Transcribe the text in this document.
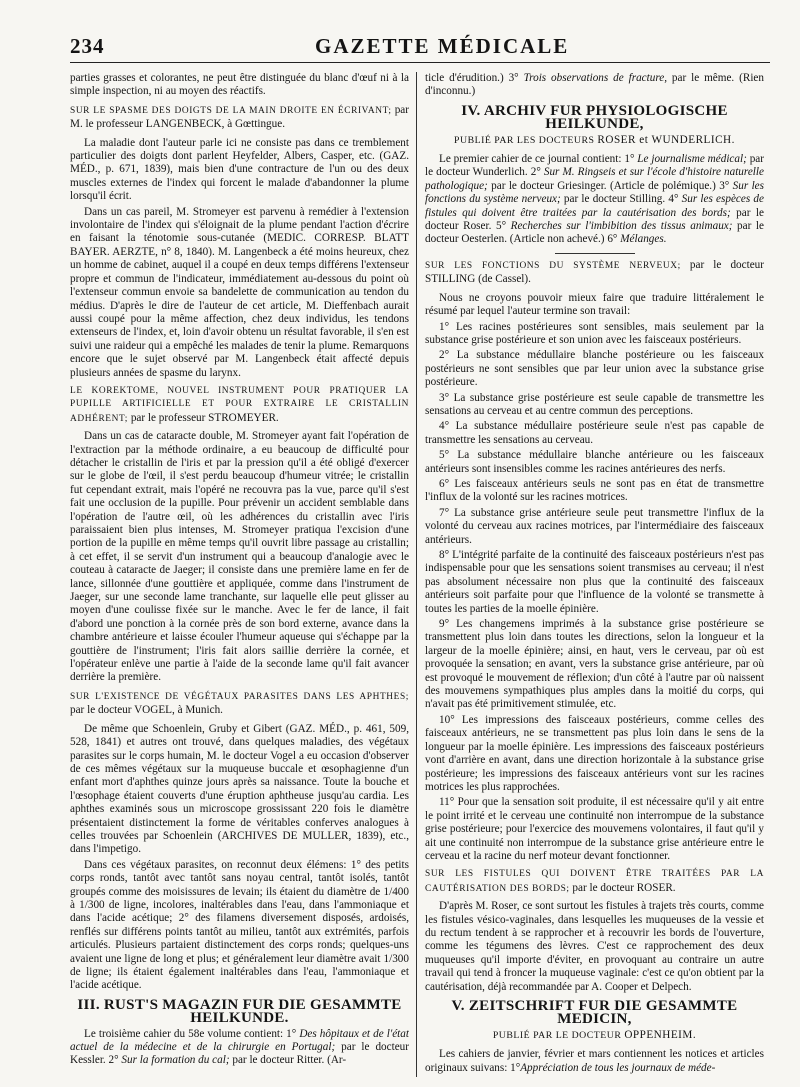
234	GAZETTE MÉDICALE

parties grasses et colorantes, ne peut être distinguée du blanc d'œuf ni à la simple inspection, ni au moyen des réactifs.

SUR LE SPASME DES DOIGTS DE LA MAIN DROITE EN ÉCRIVANT; par M. le professeur LANGENBECK, à Gœttingue.

La maladie dont l'auteur parle ici ne consiste pas dans ce tremblement particulier des doigts dont parlent Heyfelder, Albers, Casper, etc. (GAZ. MÉD., p. 671, 1839), mais bien d'une contracture de l'un ou des deux muscles externes de l'index qui forcent le malade d'abandonner la plume lorsqu'il écrit.

Dans un cas pareil, M. Stromeyer est parvenu à remédier à l'extension involontaire de l'index qui s'éloignait de la plume pendant l'action d'écrire en faisant la ténotomie sous-cutanée (MEDIC. CORRESP. BLATT BAYER. AERZTE, n° 8, 1840). M. Langenbeck a été moins heureux, chez un homme de cabinet, auquel il a coupé en deux temps différens l'extenseur propre et commun de l'indicateur, immédiatement au-dessous du point où l'extenseur commun envoie sa bandelette de communication au tendon du médius. D'après le dire de l'auteur de cet article, M. Dieffenbach aurait aussi coupé pour la même affection, chez deux individus, les tendons extenseurs de l'index, et, loin d'avoir obtenu un résultat favorable, il s'en est suivi une raideur qui a empêché les malades de tenir la plume. Remarquons encore que le sujet observé par M. Langenbeck était affecté depuis plusieurs années de spasme du larynx.

LE KOREKTOME, NOUVEL INSTRUMENT POUR PRATIQUER LA PUPILLE ARTIFICIELLE ET POUR EXTRAIRE LE CRISTALLIN ADHÉRENT; par le professeur STROMEYER.

Dans un cas de cataracte double, M. Stromeyer ayant fait l'opération de l'extraction par la méthode ordinaire, a eu beaucoup de difficulté pour détacher le cristallin de l'iris et par la pression qu'il a été obligé d'exercer sur le globe de l'œil, il s'est perdu beaucoup d'humeur vitrée; le cristallin fut cependant extrait, mais l'opéré ne recouvra pas la vue, parce qu'il s'est fait une occlusion de la pupille. Pour prévenir un accident semblable dans l'opération de l'autre œil, où les adhérences du cristallin avec l'iris paraissaient bien plus intenses, M. Stromeyer pratiqua l'excision d'une portion de la pupille en même temps qu'il ouvrit libre passage au cristallin; à cet effet, il se servit d'un instrument qui a beaucoup d'analogie avec le couteau à cataracte de Jaeger; il consiste dans une première lame en fer de lance, sillonnée d'une gouttière et appliquée, comme dans l'instrument de Jaeger, sur une seconde lame tranchante, sur laquelle elle peut glisser au moyen d'une coulisse fixée sur le manche. Avec le fer de lance, il fait d'abord une ponction à la cornée près de son bord externe, avance dans la chambre antérieure et laisse écouler l'humeur aqueuse qui s'échappe par la gouttière de l'instrument; l'iris fait alors saillie derrière la cornée, et l'opérateur enlève une partie à l'aide de la seconde lame qu'il fait avancer derrière la première.

SUR L'EXISTENCE DE VÉGÉTAUX PARASITES DANS LES APHTHES; par le docteur VOGEL, à Munich.

De même que Schoenlein, Gruby et Gibert (GAZ. MÉD., p. 461, 509, 528, 1841) et autres ont trouvé, dans quelques maladies, des végétaux parasites sur le corps humain, M. le docteur Vogel a eu occasion d'observer de ces mêmes végétaux sur la muqueuse buccale et œsophagienne d'un enfant mort d'aphthes quinze jours après sa naissance. Toute la bouche et l'œsophage étaient couverts d'une éruption aphtheuse jusqu'au cardia. Les aphthes examinés sous un microscope grossissant 220 fois le diamètre présentaient distinctement la forme de véritables conferves analogues à celles trouvées par Schoenlein (ARCHIVES DE MULLER, 1839), etc., dans l'impetigo.

Dans ces végétaux parasites, on reconnut deux élémens: 1° des petits corps ronds, tantôt avec tantôt sans noyau central, tantôt isolés, tantôt groupés comme des moisissures de levain; ils étaient du diamètre de 1/400 à 1/300 de ligne, incolores, inaltérables dans l'eau, dans l'ammoniaque et dans l'acide acétique; 2° des filamens diversement disposés, ardoisés, renflés sur différens points tantôt au milieu, tantôt aux extrémités, parfois articulés. Plusieurs partaient distinctement des corps ronds; quelques-uns avaient une ligne de long et plus; et généralement leur diamètre avait 1/300 de ligne; ils étaient également inaltérables dans l'eau, l'ammoniaque et l'acide acétique.

III. RUST'S MAGAZIN FUR DIE GESAMMTE HEILKUNDE.

Le troisième cahier du 58e volume contient: 1° Des hôpitaux et de l'état actuel de la médecine et de la chirurgie en Portugal; par le docteur Kessler. 2° Sur la formation du cal; par le docteur Ritter. (Ar-

ticle d'érudition.) 3° Trois observations de fracture, par le même. (Rien d'inconnu.)

IV. ARCHIV FUR PHYSIOLOGISCHE HEILKUNDE,
PUBLIÉ PAR LES DOCTEURS ROSER et WUNDERLICH.

Le premier cahier de ce journal contient: 1° Le journalisme médical; par le docteur Wunderlich. 2° Sur M. Ringseis et sur l'école d'histoire naturelle pathologique; par le docteur Griesinger. (Article de polémique.) 3° Sur les fonctions du système nerveux; par le docteur Stilling. 4° Sur les espèces de fistules qui doivent être traitées par la cautérisation des bords; par le docteur Roser. 5° Recherches sur l'imbibition des tissus animaux; par le docteur Oesterlen. (Article non achevé.) 6° Mélanges.

SUR LES FONCTIONS DU SYSTÈME NERVEUX; par le docteur STILLING (de Cassel).

Nous ne croyons pouvoir mieux faire que traduire littéralement le résumé par lequel l'auteur termine son travail:

1° Les racines postérieures sont sensibles, mais seulement par la substance grise postérieure et son union avec les faisceaux postérieurs.

2° La substance médullaire blanche postérieure ou les faisceaux postérieurs ne sont sensibles que par leur union avec la substance grise postérieure.

3° La substance grise postérieure est seule capable de transmettre les sensations au cerveau et au centre commun des perceptions.

4° La substance médullaire postérieure seule n'est pas capable de transmettre les sensations au cerveau.

5° La substance médullaire blanche antérieure ou les faisceaux antérieurs sont insensibles comme les racines antérieures des nerfs.

6° Les faisceaux antérieurs seuls ne sont pas en état de transmettre l'influx de la volonté sur les racines motrices.

7° La substance grise antérieure seule peut transmettre l'influx de la volonté du cerveau aux racines motrices, par l'intermédiaire des faisceaux antérieurs.

8° L'intégrité parfaite de la continuité des faisceaux postérieurs n'est pas indispensable pour que les sensations soient transmises au cerveau; il n'est pas absolument nécessaire non plus que la continuité des faisceaux antérieurs soit parfaite pour que l'influence de la volonté se transmette à toutes les parties de la moelle épinière.

9° Les changemens imprimés à la substance grise postérieure se transmettent plus loin dans toutes les directions, selon la longueur et la largeur de la moelle épinière; ainsi, en haut, vers le cerveau, par où est provoquée la sensation; en avant, vers la substance grise antérieure, par où est provoqué le mouvement de réflexion; d'un côté à l'autre par où naissent des mouvemens sympathiques plus amples dans la moitié du corps, qui n'avait pas été primitivement stimulée, etc.

10° Les impressions des faisceaux postérieurs, comme celles des faisceaux antérieurs, ne se transmettent pas plus loin dans le sens de la longueur par la moelle épinière. Les impressions des faisceaux postérieurs vont d'arrière en avant, dans une direction horizontale à la substance grise postérieure; les impressions des faisceaux antérieurs vont sur les racines motrices les plus rapprochées.

11° Pour que la sensation soit produite, il est nécessaire qu'il y ait entre le point irrité et le cerveau une continuité non interrompue de la substance grise postérieure; pour l'exercice des mouvemens volontaires, il faut qu'il y ait une continuité non interrompue de la substance grise antérieure entre le cerveau et la racine du nerf moteur devant fonctionner.

SUR LES FISTULES QUI DOIVENT ÊTRE TRAITÉES PAR LA CAUTÉRISATION DES BORDS; par le docteur ROSER.

D'après M. Roser, ce sont surtout les fistules à trajets très courts, comme les fistules vésico-vaginales, dans lesquelles les muqueuses de la vessie et du rectum tendent à se rapprocher et à recouvrir les bords de l'ouverture, comme les tégumens des lèvres. C'est ce rapprochement des deux muqueuses qu'il importe d'éviter, en provoquant au contraire un autre travail qui tend à froncer la muqueuse vaginale: c'est ce qu'on obtient par la cautérisation, déjà recommandée par A. Cooper et Delpech.

V. ZEITSCHRIFT FUR DIE GESAMMTE MEDICIN,
PUBLIÉ PAR LE DOCTEUR OPPENHEIM.

Les cahiers de janvier, février et mars contiennent les notices et articles originaux suivans: 1°Appréciation de tous les journaux de méde-
